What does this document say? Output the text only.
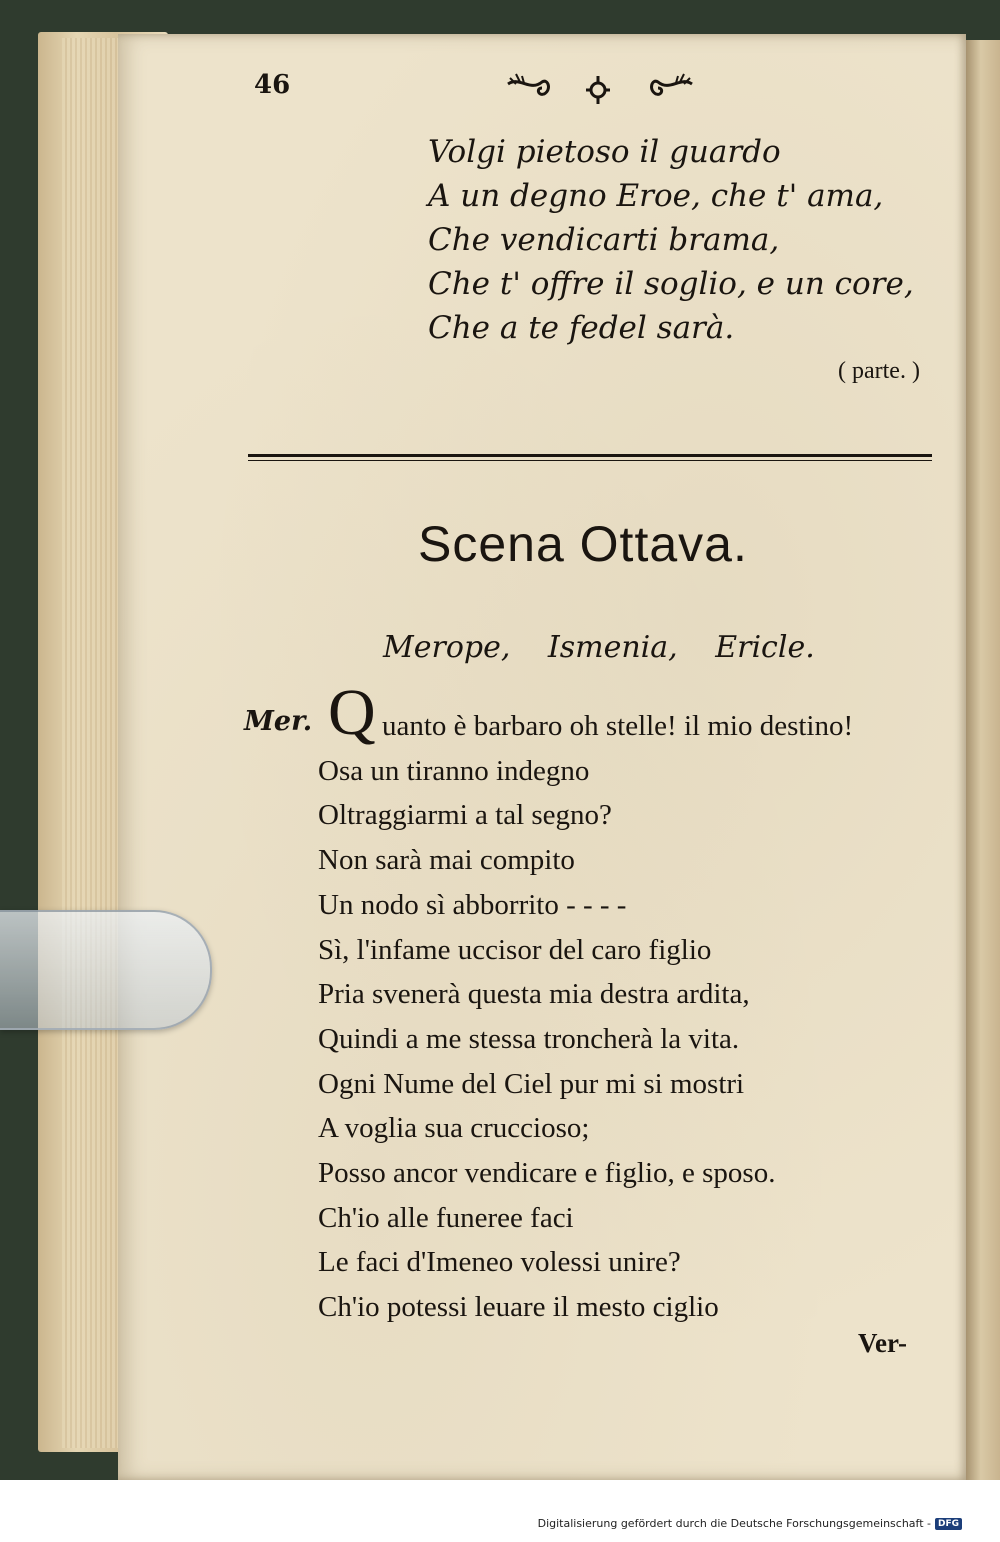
46
Volgi pietoso il guardo
A un degno Eroe, che t' ama,
Che vendicarti brama,
Che t' offre il soglio, e un core,
Che a te fedel sarà.
( parte. )
Scena Ottava.
Merope, Ismenia, Ericle.
Mer. Q uanto è barbaro oh stelle! il mio destino!
Osa un tiranno indegno
Oltraggiarmi a tal segno?
Non sarà mai compito
Un nodo sì abborrito - - - -
Sì, l'infame uccisor del caro figlio
Pria svenerà questa mia destra ardita,
Quindi a me stessa troncherà la vita.
Ogni Nume del Ciel pur mi si mostri
A voglia sua crucciosо;
Posso ancor vendicare e figlio, e sposo.
Ch'io alle funeree faci
Le faci d'Imeneo volessi unire?
Ch'io potessi leuare il mesto ciglio
Ver-
Digitalisierung gefördert durch die Deutsche Forschungsgemeinschaft - DFG
